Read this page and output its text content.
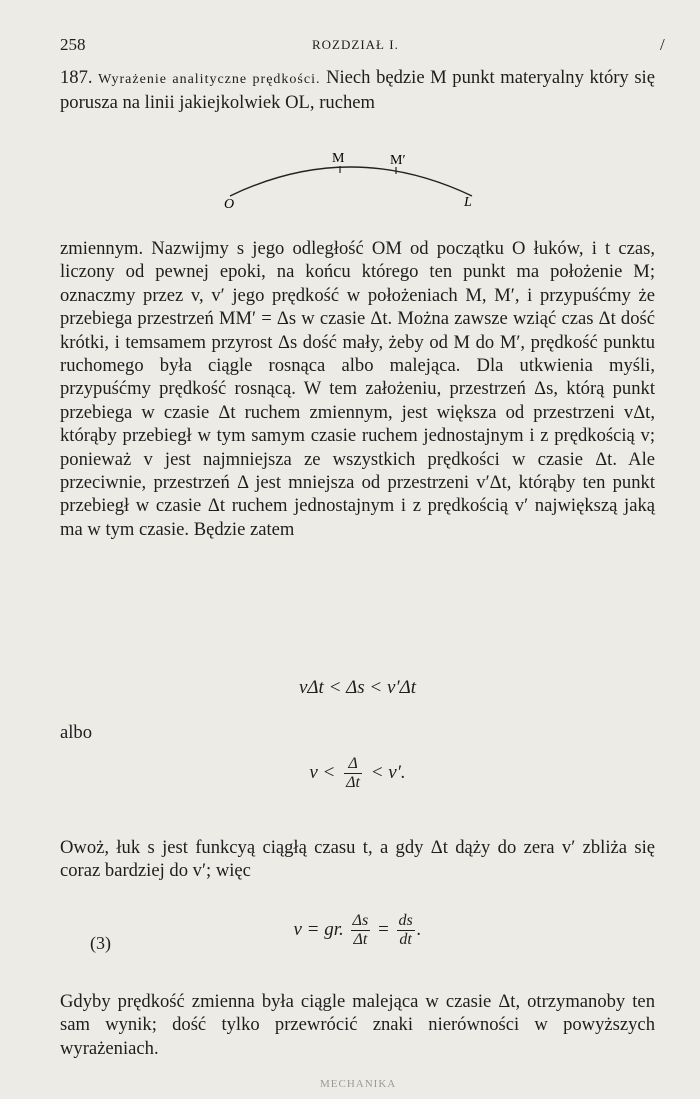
258	ROZDZIAŁ I.	/
187. Wyrażenie analityczne prędkości. Niech będzie M punkt materyalny który się porusza na linii jakiejkolwiek OL, ruchem
M	M′
O	L
zmiennym. Nazwijmy s jego odległość OM od początku O łuków, i t czas, liczony od pewnej epoki, na końcu którego ten punkt ma położenie M; oznaczmy przez v, v′ jego prędkość w położeniach M, M′, i przypuśćmy że przebiega przestrzeń MM′ = Δs w czasie Δt. Można zawsze wziąć czas Δt dość krótki, i temsamem przyrost Δs dość mały, żeby od M do M′, prędkość punktu ruchomego była ciągle rosnąca albo malejąca. Dla utkwienia myśli, przypuśćmy prędkość rosnącą. W tem założeniu, przestrzeń Δs, którą punkt przebiega w czasie Δt ruchem zmiennym, jest większa od przestrzeni vΔt, którąby przebiegł w tym samym czasie ruchem jednostajnym i z prędkością v; ponieważ v jest najmniejsza ze wszystkich prędkości w czasie Δt. Ale przeciwnie, przestrzeń Δ jest mniejsza od przestrzeni v′Δt, którąby ten punkt przebiegł w czasie Δt ruchem jednostajnym i z prędkością v′ największą jaką ma w tym czasie. Będzie zatem
vΔt < Δs < v′Δt
albo
$v < \frac{\Delta}{\Delta t} < v'$.
Owoż, łuk s jest funkcyą ciągłą czasu t, a gdy Δt dąży do zera v′ zbliża się coraz bardziej do v′; więc
(3)
v = gr. $\frac{\Delta s}{\Delta t} = \frac{ds}{dt}$ .
Gdyby prędkość zmienna była ciągle malejąca w czasie Δt, otrzymanoby ten sam wynik; dość tylko przewrócić znaki nierówności w powyższych wyrażeniach.
MECHANIKA
